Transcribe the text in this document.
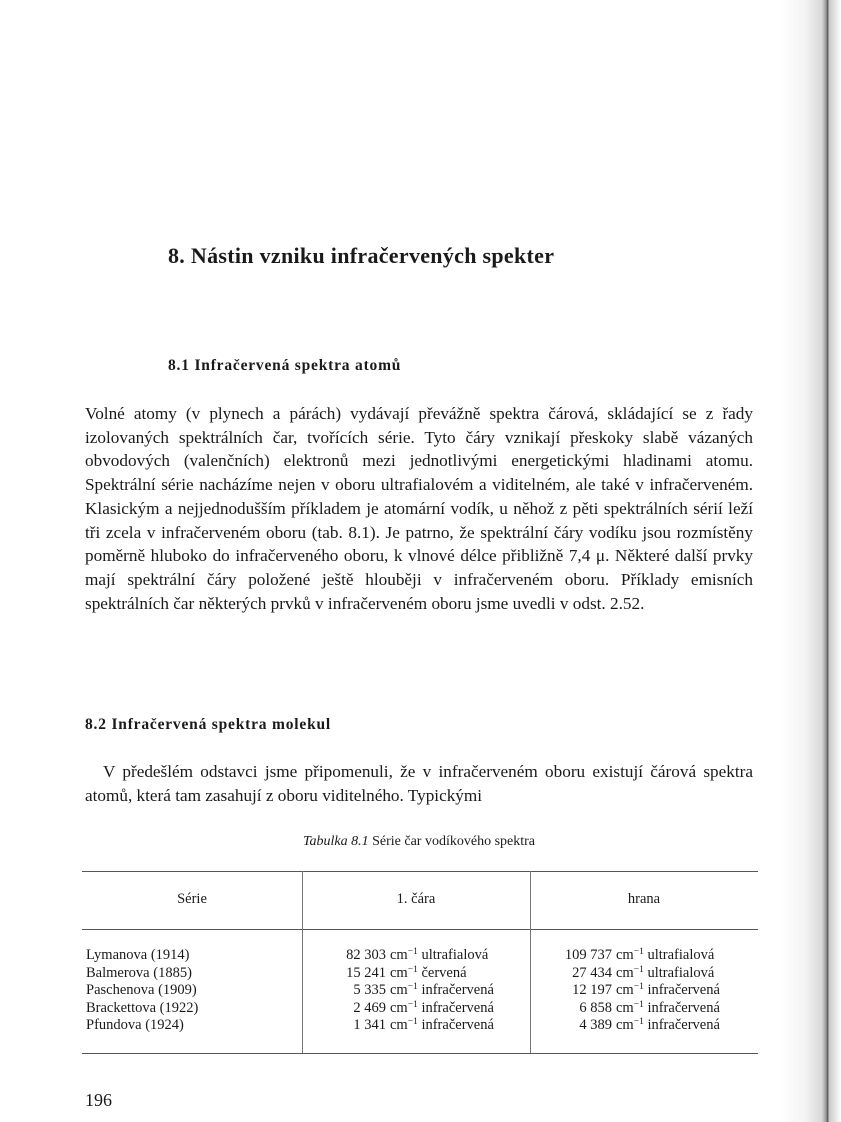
8. Nástin vzniku infračervených spekter
8.1 Infračervená spektra atomů

Volné atomy (v plynech a párách) vydávají převážně spektra čárová, skládající se z řady izolovaných spektrálních čar, tvořících série. Tyto čáry vznikají přeskoky slabě vázaných obvodových (valenčních) elektronů mezi jednotlivými energetickými hladinami atomu. Spektrální série nacházíme nejen v oboru ultrafialovém a viditelném, ale také v infračerveném. Klasickým a nejjednodušším příkladem je atomární vodík, u něhož z pěti spektrálních sérií leží tři zcela v infračerveném oboru (tab. 8.1). Je patrno, že spektrální čáry vodíku jsou rozmístěny poměrně hluboko do infračerveného oboru, k vlnové délce přibližně 7,4 μ. Některé další prvky mají spektrální čáry položené ještě hlouběji v infračerveném oboru. Příklady emisních spektrálních čar některých prvků v infračerveném oboru jsme uvedli v odst. 2.52.

8.2 Infračervená spektra molekul

V předešlém odstavci jsme připomenuli, že v infračerveném oboru existují čárová spektra atomů, která tam zasahují z oboru viditelného. Typickými

Tabulka 8.1 Série čar vodíkového spektra
Série	1. čára	hrana
Lymanova (1914)	82 303 $cm^{-1}$ ultrafialová	109 737 $cm^{-1}$ ultrafialová
Balmerova (1885)	15 241 $cm^{-1}$ červená	27 434 $cm^{-1}$ ultrafialová
Paschenova (1909)	5 335 $cm^{-1}$ infračervená	12 197 $cm^{-1}$ infračervená
Brackettova (1922)	2 469 $cm^{-1}$ infračervená	6 858 $cm^{-1}$ infračervená
Pfundova (1924)	1 341 $cm^{-1}$ infračervená	4 389 $cm^{-1}$ infračervená
196
